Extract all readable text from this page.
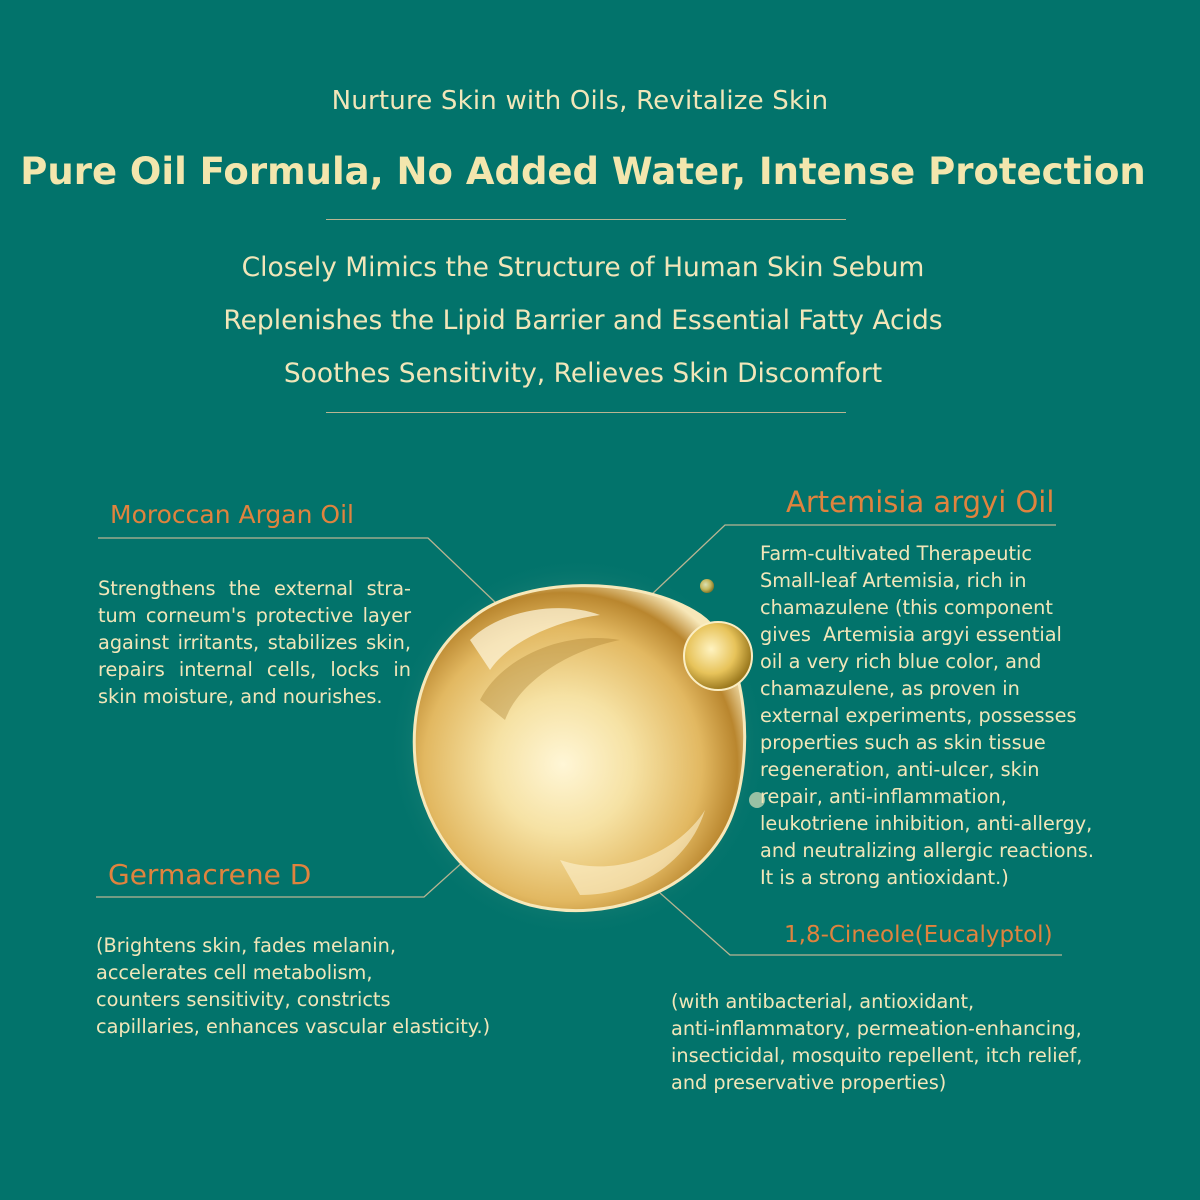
Nurture Skin with Oils, Revitalize Skin
Pure Oil Formula, No Added Water, Intense Protection
Closely Mimics the Structure of Human Skin Sebum
Replenishes the Lipid Barrier and Essential Fatty Acids
Soothes Sensitivity, Relieves Skin Discomfort
Moroccan Argan Oil
Strengthens the external stra-tum corneum's protective layer against irritants, stabilizes skin, repairs internal cells, locks in skin moisture, and nourishes.
Artemisia argyi Oil
Farm-cultivated Therapeutic
Small-leaf Artemisia, rich in
chamazulene (this component
gives  Artemisia argyi essential
oil a very rich blue color, and
chamazulene, as proven in
external experiments, possesses
properties such as skin tissue
regeneration, anti-ulcer, skin
repair, anti-inflammation,
leukotriene inhibition, anti-allergy,
and neutralizing allergic reactions.
It is a strong antioxidant.)
Germacrene D
(Brightens skin, fades melanin,
accelerates cell metabolism,
counters sensitivity, constricts
capillaries, enhances vascular elasticity.)
1,8-Cineole(Eucalyptol)
(with antibacterial, antioxidant,
anti-inflammatory, permeation-enhancing,
insecticidal, mosquito repellent, itch relief,
and preservative properties)
